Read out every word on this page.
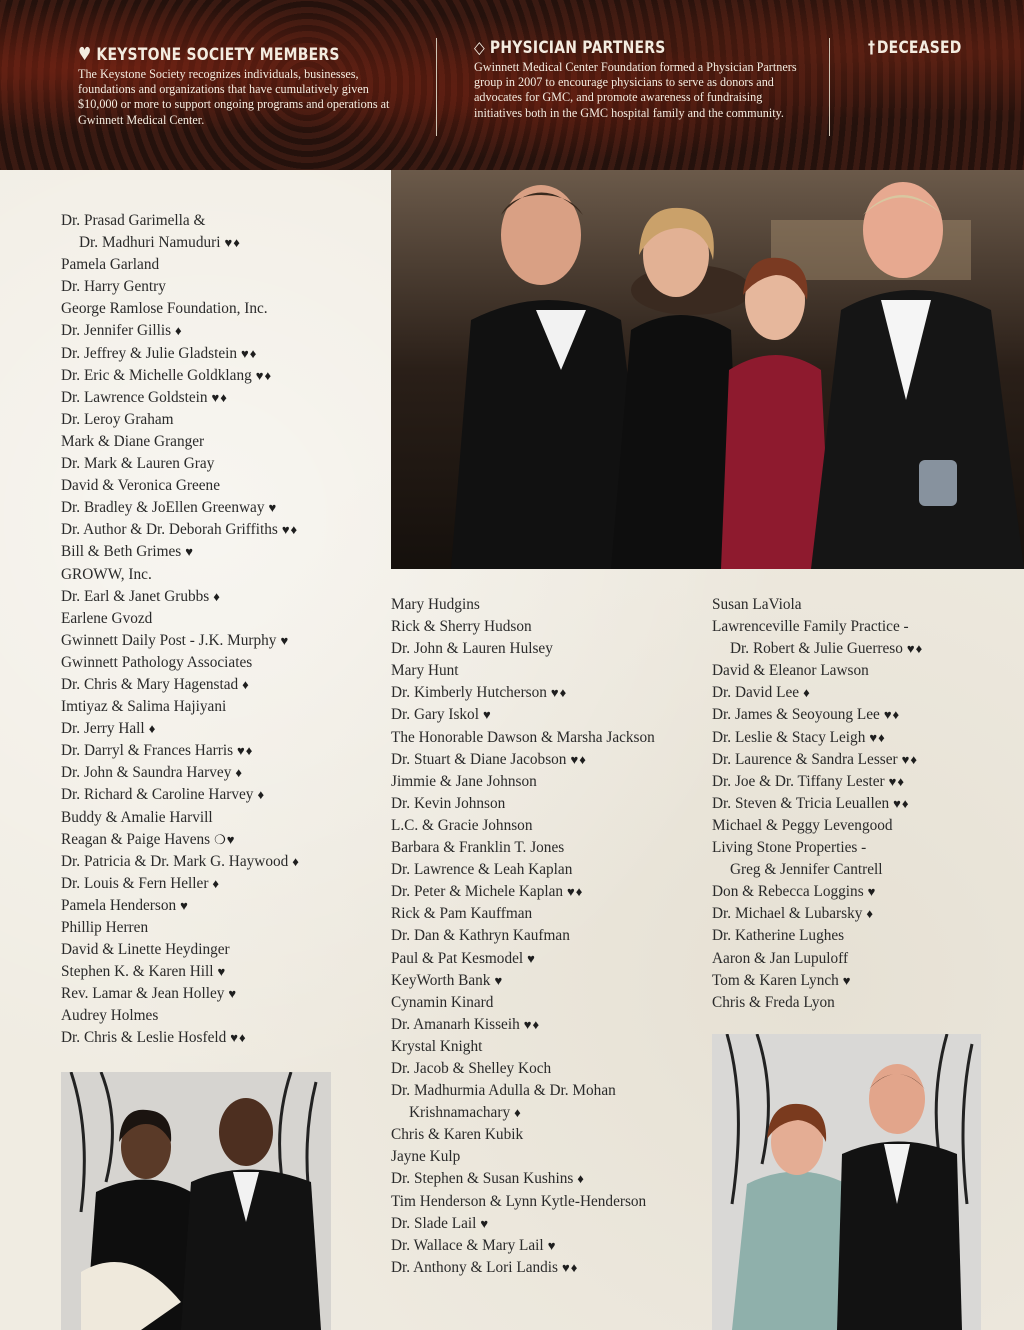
♥ KEYSTONE SOCIETY MEMBERS
The Keystone Society recognizes individuals, businesses, foundations and organizations that have cumulatively given $10,000 or more to support ongoing programs and operations at Gwinnett Medical Center.
◇ PHYSICIAN PARTNERS
Gwinnett Medical Center Foundation formed a Physician Partners group in 2007 to encourage physicians to serve as donors and advocates for GMC, and promote awareness of fundraising initiatives both in the GMC hospital family and the community.
† DECEASED
Dr. Prasad Garimella &
Dr. Madhuri Namuduri ♥♦
Pamela Garland
Dr. Harry Gentry
George Ramlose Foundation, Inc.
Dr. Jennifer Gillis ♦
Dr. Jeffrey & Julie Gladstein ♥♦
Dr. Eric & Michelle Goldklang ♥♦
Dr. Lawrence Goldstein ♥♦
Dr. Leroy Graham
Mark & Diane Granger
Dr. Mark & Lauren Gray
David & Veronica Greene
Dr. Bradley & JoEllen Greenway ♥
Dr. Author & Dr. Deborah Griffiths ♥♦
Bill & Beth Grimes ♥
GROWW, Inc.
Dr. Earl & Janet Grubbs ♦
Earlene Gvozd
Gwinnett Daily Post - J.K. Murphy ♥
Gwinnett Pathology Associates
Dr. Chris & Mary Hagenstad ♦
Imtiyaz & Salima Hajiyani
Dr. Jerry Hall ♦
Dr. Darryl & Frances Harris ♥♦
Dr. John & Saundra Harvey ♦
Dr. Richard & Caroline Harvey ♦
Buddy & Amalie Harvill
Reagan & Paige Havens ❍♥
Dr. Patricia & Dr. Mark G. Haywood ♦
Dr. Louis & Fern Heller ♦
Pamela Henderson ♥
Phillip Herren
David & Linette Heydinger
Stephen K. & Karen Hill ♥
Rev. Lamar & Jean Holley ♥
Audrey Holmes
Dr. Chris & Leslie Hosfeld ♥♦
Mary Hudgins
Rick & Sherry Hudson
Dr. John & Lauren Hulsey
Mary Hunt
Dr. Kimberly Hutcherson ♥♦
Dr. Gary Iskol ♥
The Honorable Dawson & Marsha Jackson
Dr. Stuart & Diane Jacobson ♥♦
Jimmie & Jane Johnson
Dr. Kevin Johnson
L.C. & Gracie Johnson
Barbara & Franklin T. Jones
Dr. Lawrence & Leah Kaplan
Dr. Peter & Michele Kaplan ♥♦
Rick & Pam Kauffman
Dr. Dan & Kathryn Kaufman
Paul & Pat Kesmodel ♥
KeyWorth Bank ♥
Cynamin Kinard
Dr. Amanarh Kisseih ♥♦
Krystal Knight
Dr. Jacob & Shelley Koch
Dr. Madhurmia Adulla & Dr. Mohan
Krishnamachary ♦
Chris & Karen Kubik
Jayne Kulp
Dr. Stephen & Susan Kushins ♦
Tim Henderson & Lynn Kytle-Henderson
Dr. Slade Lail ♥
Dr. Wallace & Mary Lail ♥
Dr. Anthony & Lori Landis ♥♦
Susan LaViola
Lawrenceville Family Practice -
Dr. Robert & Julie Guerreso ♥♦
David & Eleanor Lawson
Dr. David Lee ♦
Dr. James & Seoyoung Lee ♥♦
Dr. Leslie & Stacy Leigh ♥♦
Dr. Laurence & Sandra Lesser ♥♦
Dr. Joe & Dr. Tiffany Lester ♥♦
Dr. Steven & Tricia Leuallen ♥♦
Michael & Peggy Levengood
Living Stone Properties -
Greg & Jennifer Cantrell
Don & Rebecca Loggins ♥
Dr. Michael & Lubarsky ♦
Dr. Katherine Lughes
Aaron & Jan Lupuloff
Tom & Karen Lynch ♥
Chris & Freda Lyon
